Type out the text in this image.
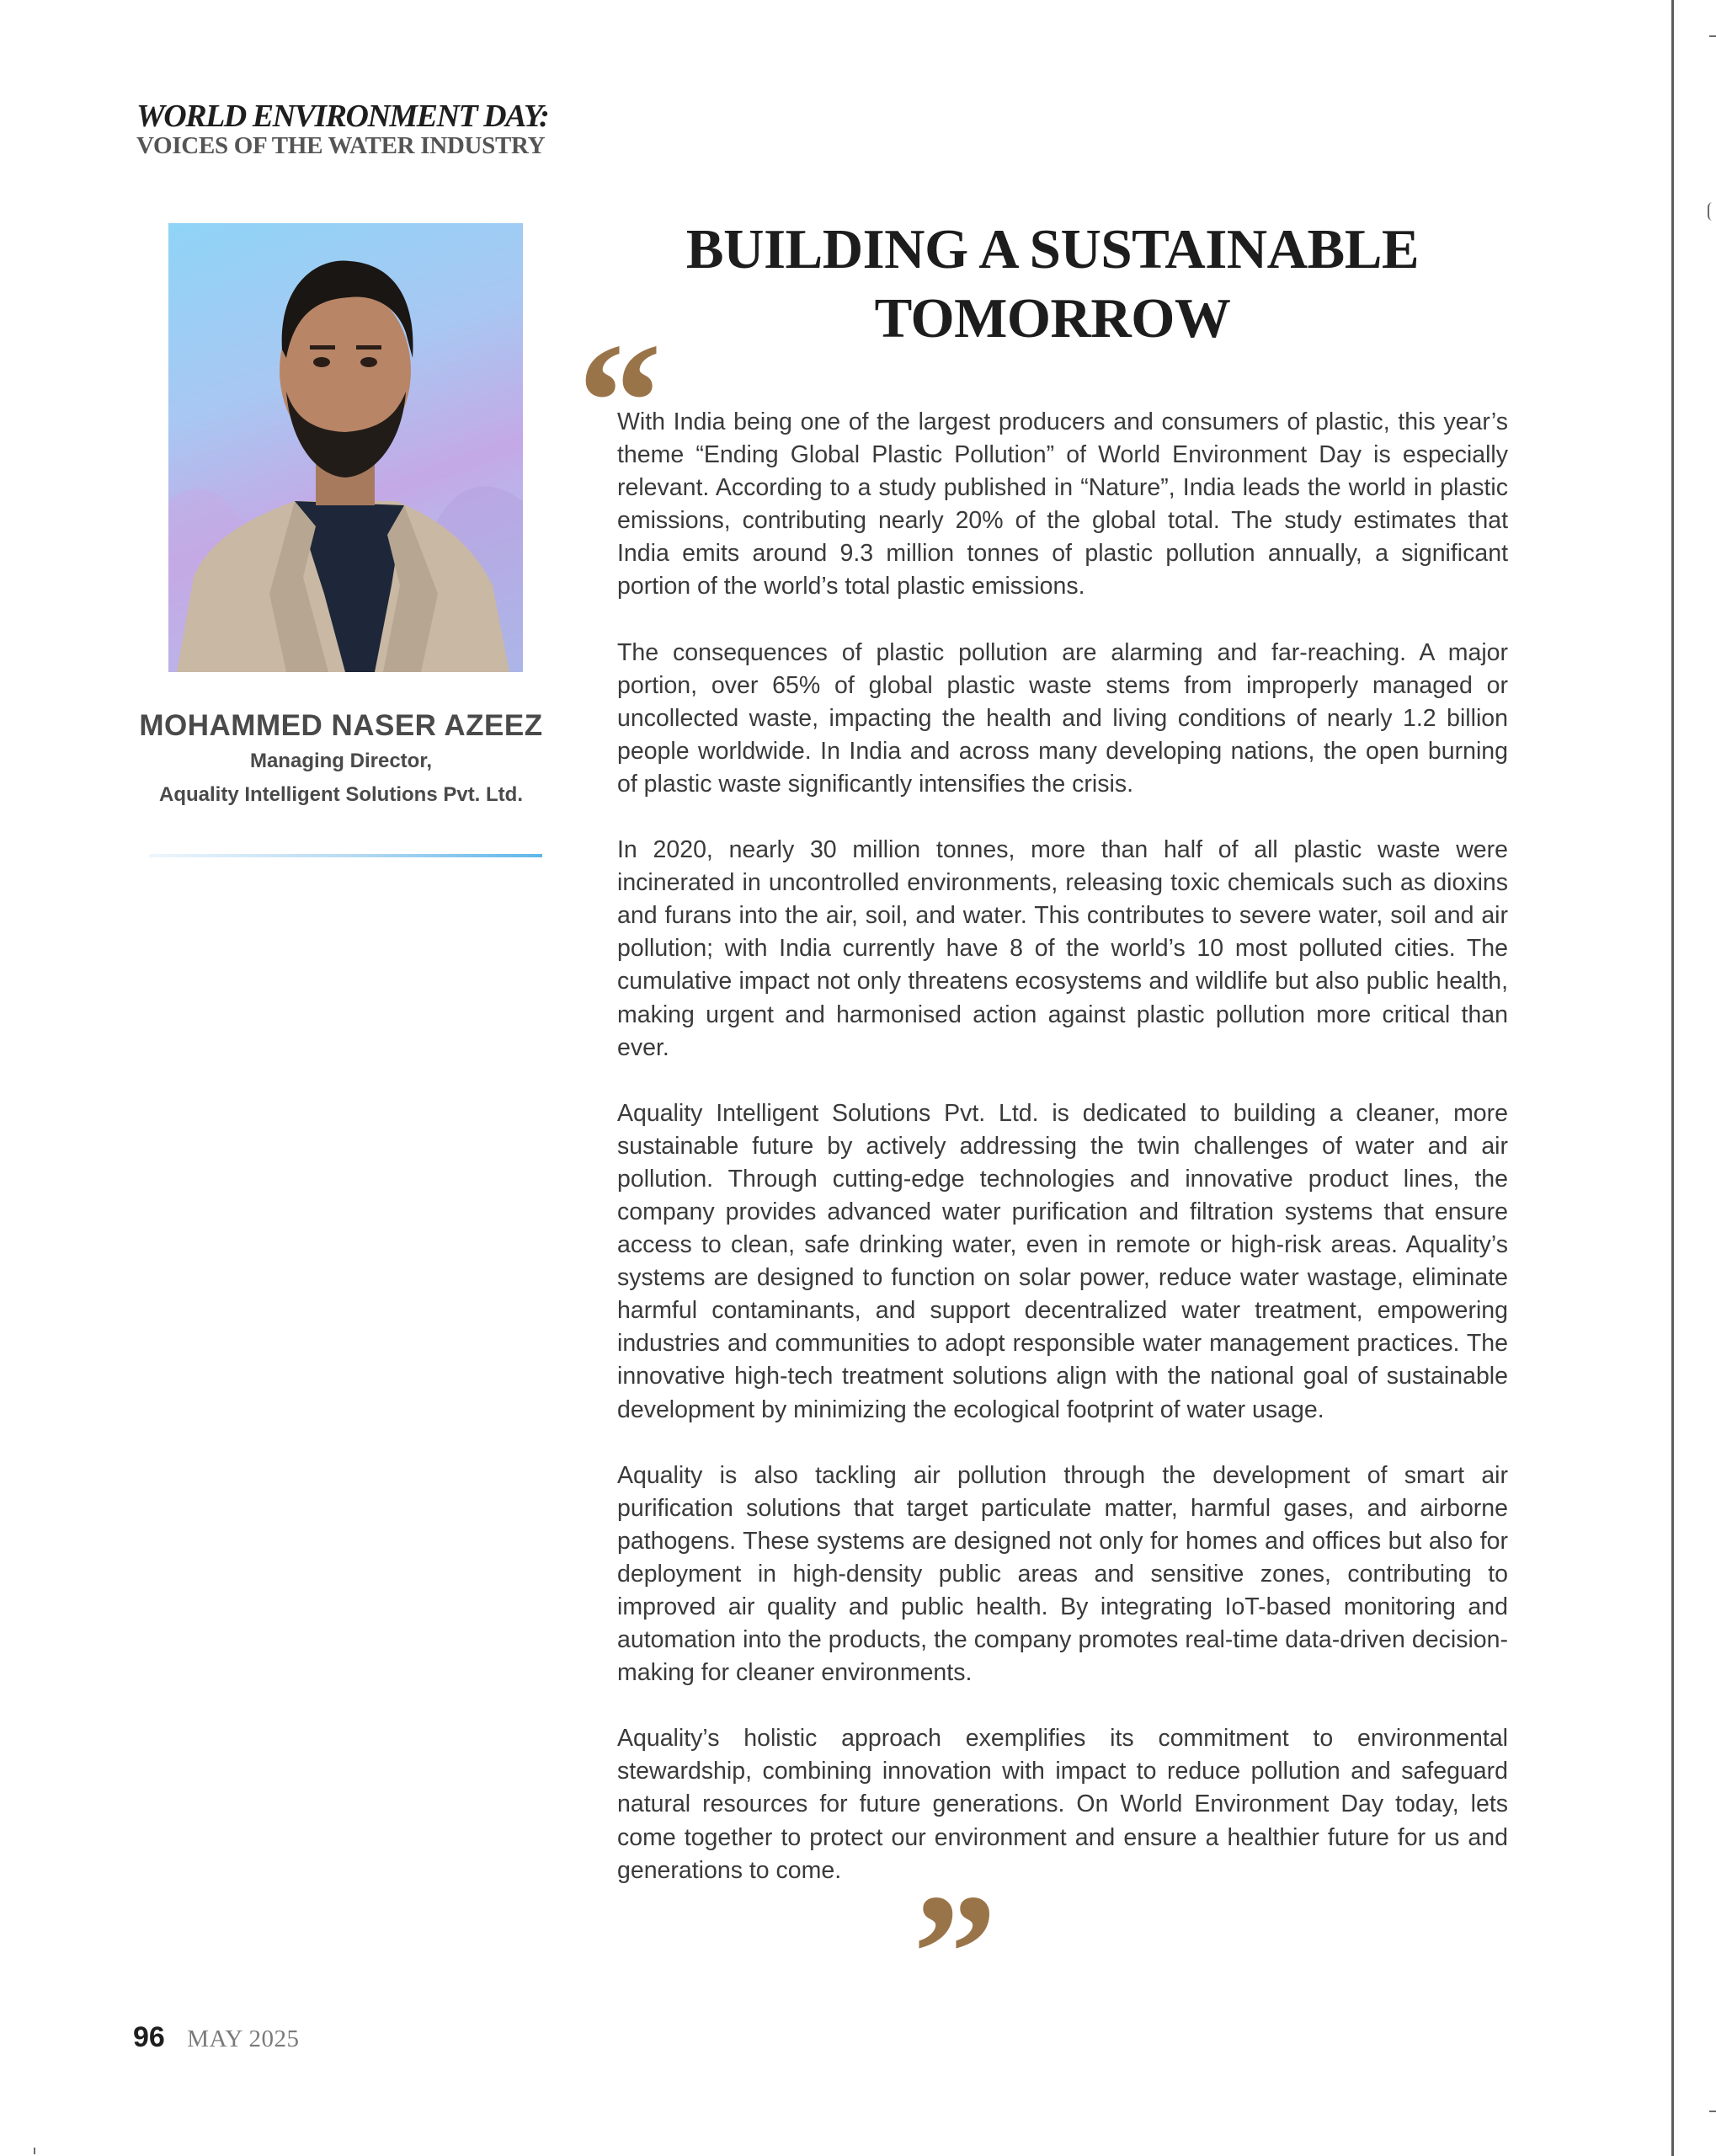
WORLD ENVIRONMENT DAY:
VOICES OF THE WATER INDUSTRY
MOHAMMED NASER AZEEZ
Managing Director,
Aquality Intelligent Solutions Pvt. Ltd.
BUILDING A SUSTAINABLE TOMORROW
“

With India being one of the largest producers and consumers of plastic, this year’s theme “Ending Global Plastic Pollution” of World Environment Day is especially relevant. According to a study published in “Nature”, India leads the world in plastic emissions, contributing nearly 20% of the global total. The study estimates that India emits around 9.3 million tonnes of plastic pollution annually, a significant portion of the world’s total plastic emissions.

The consequences of plastic pollution are alarming and far-reaching. A major portion, over 65% of global plastic waste stems from improperly managed or uncollected waste, impacting the health and living conditions of nearly 1.2 billion people worldwide. In India and across many developing nations, the open burning of plastic waste significantly intensifies the crisis.

In 2020, nearly 30 million tonnes, more than half of all plastic waste were incinerated in uncontrolled environments, releasing toxic chemicals such as dioxins and furans into the air, soil, and water. This contributes to severe water, soil and air pollution; with India currently have 8 of the world’s 10 most polluted cities. The cumulative impact not only threatens ecosystems and wildlife but also public health, making urgent and harmonised action against plastic pollution more critical than ever.

Aquality Intelligent Solutions Pvt. Ltd. is dedicated to building a cleaner, more sustainable future by actively addressing the twin challenges of water and air pollution. Through cutting-edge technologies and innovative product lines, the company provides advanced water purification and filtration systems that ensure access to clean, safe drinking water, even in remote or high-risk areas. Aquality’s systems are designed to function on solar power, reduce water wastage, eliminate harmful contaminants, and support decentralized water treatment, empowering industries and communities to adopt responsible water management practices. The innovative high-tech treatment solutions align with the national goal of sustainable development by minimizing the ecological footprint of water usage.

Aquality is also tackling air pollution through the development of smart air purification solutions that target particulate matter, harmful gases, and airborne pathogens. These systems are designed not only for homes and offices but also for deployment in high-density public areas and sensitive zones, contributing to improved air quality and public health. By integrating IoT-based monitoring and automation into the products, the company promotes real-time data-driven decision-making for cleaner environments.

Aquality’s holistic approach exemplifies its commitment to environmental stewardship, combining innovation with impact to reduce pollution and safeguard natural resources for future generations. On World Environment Day today, lets come together to protect our environment and ensure a healthier future for us and generations to come. ”
96 MAY 2025
